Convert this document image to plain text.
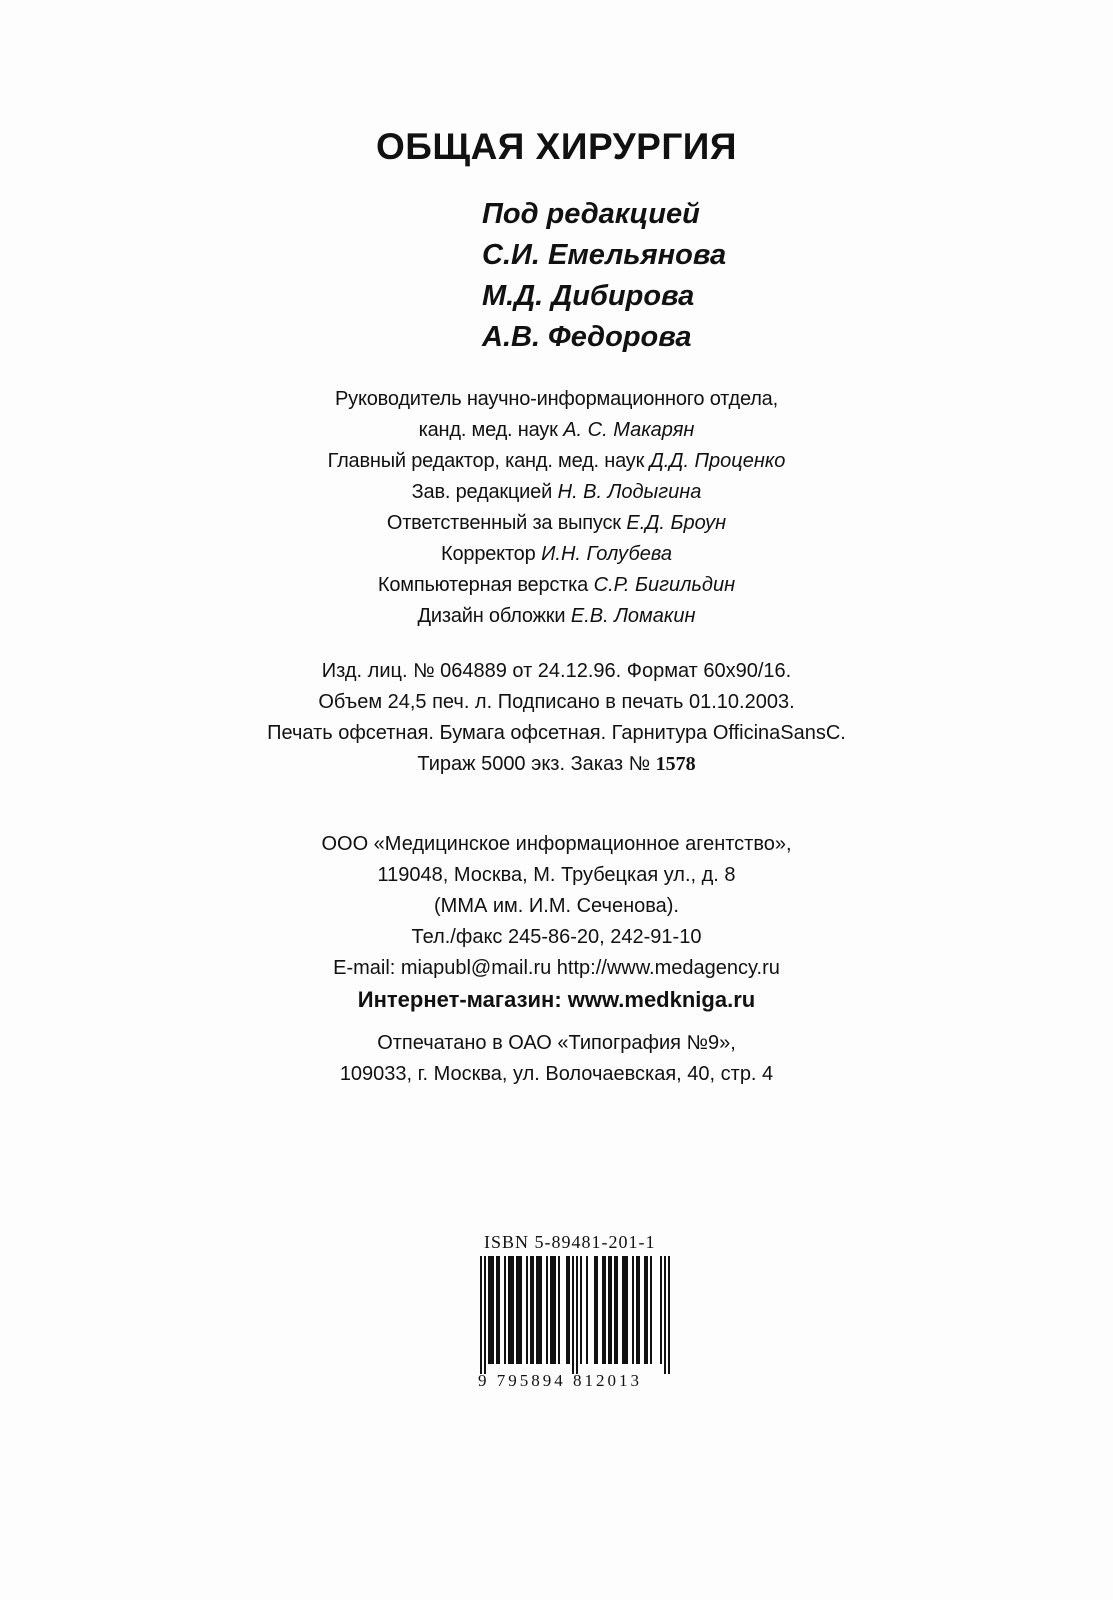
ОБЩАЯ ХИРУРГИЯ
Под редакцией
С.И. Емельянова
М.Д. Дибирова
А.В. Федорова
Руководитель научно-информационного отдела,
канд. мед. наук А. С. Макарян
Главный редактор, канд. мед. наук Д.Д. Проценко
Зав. редакцией Н. В. Лодыгина
Ответственный за выпуск Е.Д. Броун
Корректор И.Н. Голубева
Компьютерная верстка С.Р. Бигильдин
Дизайн обложки Е.В. Ломакин
Изд. лиц. № 064889 от 24.12.96. Формат 60x90/16.
Объем 24,5 печ. л. Подписано в печать 01.10.2003.
Печать офсетная. Бумага офсетная. Гарнитура OfficinaSansC.
Тираж 5000 экз. Заказ № 1578
ООО «Медицинское информационное агентство»,
119048, Москва, М. Трубецкая ул., д. 8
(ММА им. И.М. Сеченова).
Тел./факс 245-86-20, 242-91-10
E-mail: miapubl@mail.ru http://www.medagency.ru
Интернет-магазин: www.medkniga.ru
Отпечатано в ОАО «Типография №9»,
109033, г. Москва, ул. Волочаевская, 40, стр. 4
ISBN 5-89481-201-1
9 795894 812013
